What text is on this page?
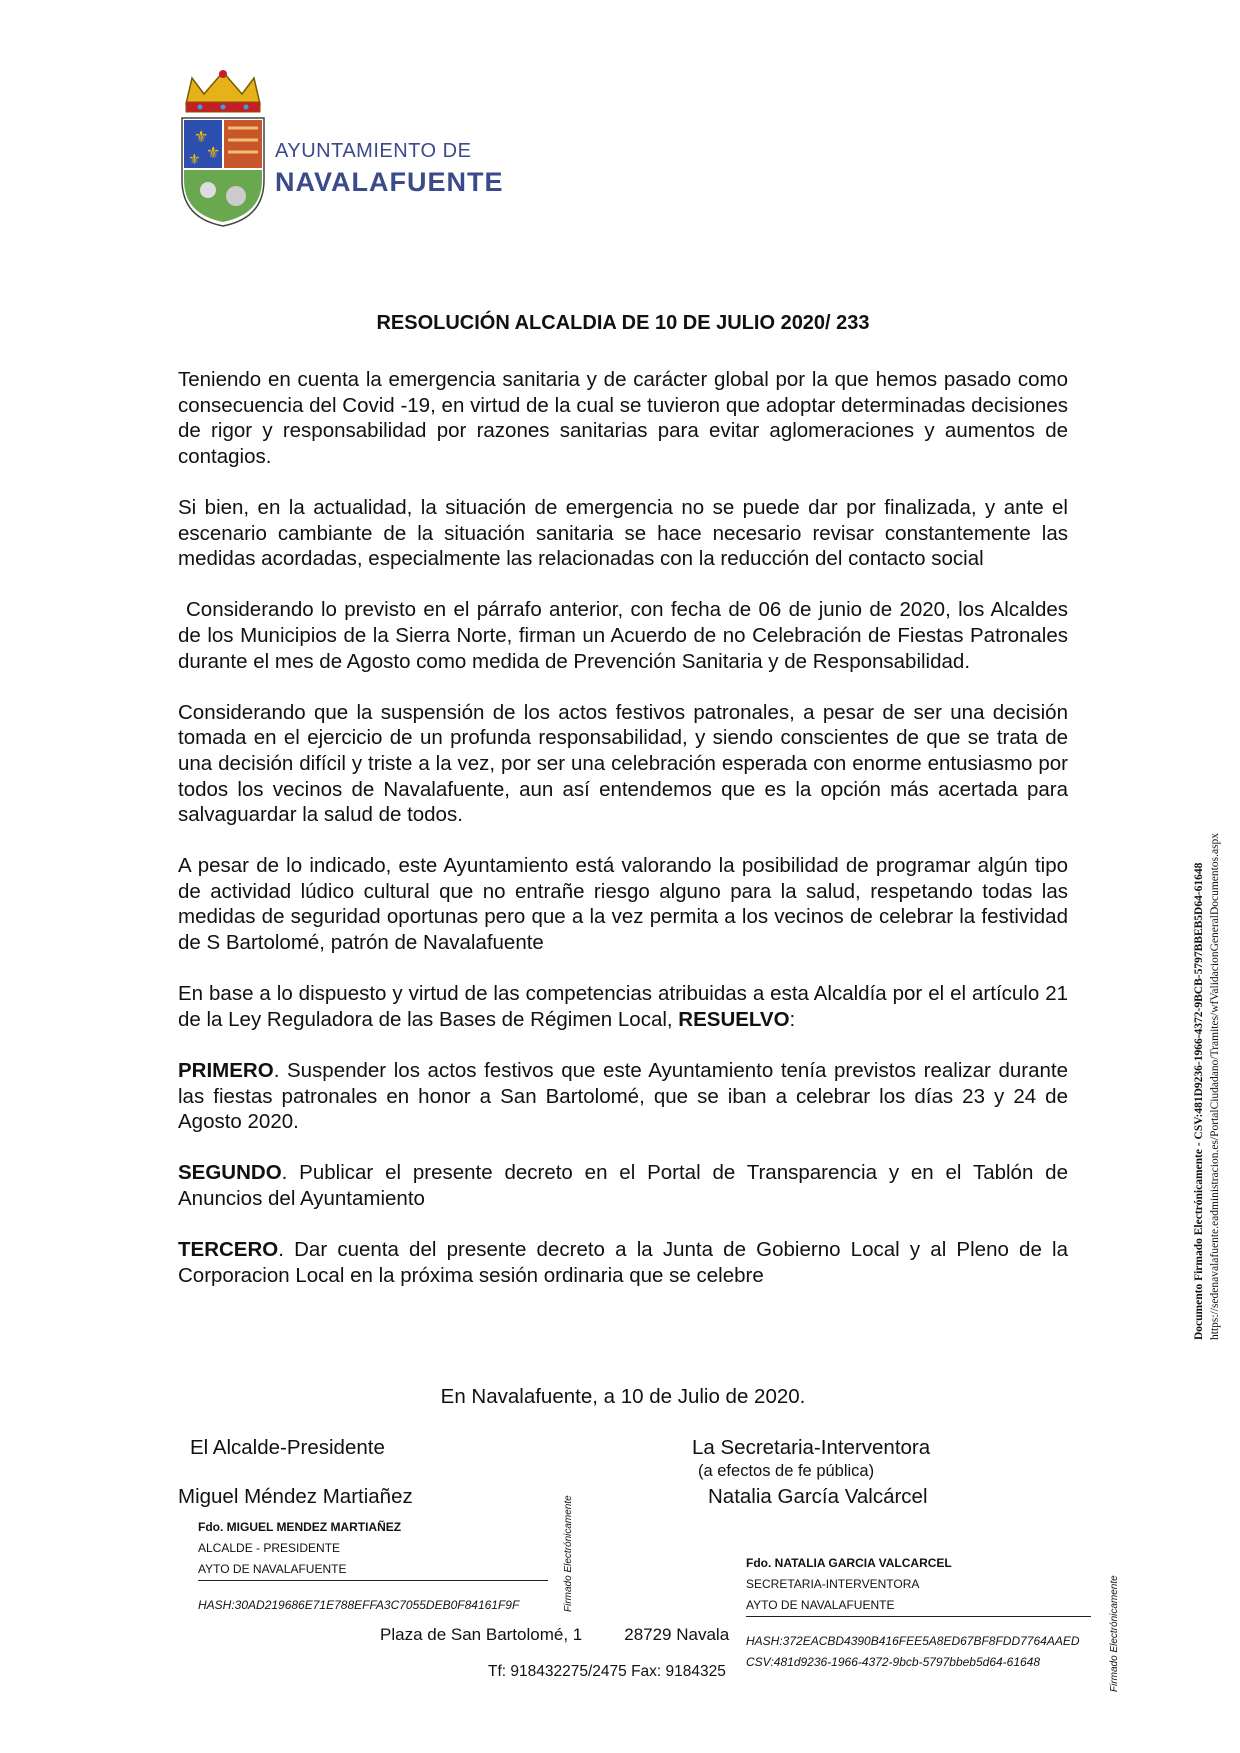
⚜
⚜
⚜	AYUNTAMIENTO DE
NAVALAFUENTE
RESOLUCIÓN ALCALDIA DE 10 DE JULIO 2020/ 233

Teniendo en cuenta la emergencia sanitaria y de carácter global por la que hemos pasado como consecuencia del Covid -19, en virtud de la cual se tuvieron que adoptar determinadas decisiones de rigor y responsabilidad por razones sanitarias para evitar aglomeraciones y aumentos de contagios.

Si bien, en la actualidad, la situación de emergencia no se puede dar por finalizada, y ante el escenario cambiante de la situación sanitaria se hace necesario revisar constantemente las medidas acordadas, especialmente las relacionadas con la reducción del contacto social

Considerando lo previsto en el párrafo anterior, con fecha de 06 de junio de 2020, los Alcaldes de los Municipios de la Sierra Norte, firman un Acuerdo de no Celebración de Fiestas Patronales durante el mes de Agosto como medida de Prevención Sanitaria y de Responsabilidad.

Considerando que la suspensión de los actos festivos patronales, a pesar de ser una decisión tomada en el ejercicio de un profunda responsabilidad, y siendo conscientes de que se trata de una decisión difícil y triste a la vez, por ser una celebración esperada con enorme entusiasmo por todos los vecinos de Navalafuente, aun así entendemos que es la opción más acertada para salvaguardar la salud de todos.

A pesar de lo indicado, este Ayuntamiento está valorando la posibilidad de programar algún tipo de actividad lúdico cultural que no entrañe riesgo alguno para la salud, respetando todas las medidas de seguridad oportunas pero que a la vez permita a los vecinos de celebrar la festividad de S Bartolomé, patrón de Navalafuente

En base a lo dispuesto y virtud de las competencias atribuidas a esta Alcaldía por el el artículo 21 de la Ley Reguladora de las Bases de Régimen Local, RESUELVO:

PRIMERO. Suspender los actos festivos que este Ayuntamiento tenía previstos realizar durante las fiestas patronales en honor a San Bartolomé, que se iban a celebrar los días 23 y 24 de Agosto 2020.

SEGUNDO. Publicar el presente decreto en el Portal de Transparencia y en el Tablón de Anuncios del Ayuntamiento

TERCERO. Dar cuenta del presente decreto a la Junta de Gobierno Local y al Pleno de la Corporacion Local en la próxima sesión ordinaria que se celebre

En Navalafuente, a 10 de Julio de 2020.
El Alcalde-Presidente
Miguel Méndez Martiañez
La Secretaria-Interventora
(a efectos de fe pública)
Natalia García Valcárcel
Plaza de San Bartolomé, 1 28729 Navala
Tf: 918432275/2475 Fax: 9184325
Fdo. MIGUEL MENDEZ MARTIAÑEZ
ALCALDE - PRESIDENTE
AYTO DE NAVALAFUENTE
HASH:30AD219686E71E788EFFA3C7055DEB0F84161F9F	Firmado Electrónicamente	Fdo. NATALIA GARCIA VALCARCEL
SECRETARIA-INTERVENTORA
AYTO DE NAVALAFUENTE
HASH:372EACBD4390B416FEE5A8ED67BF8FDD7764AAED
CSV:481d9236-1966-4372-9bcb-5797bbeb5d64-61648	Firmado Electrónicamente
Documento Firmado Electrónicamente - CSV:481D9236-1966-4372-9BCB-5797BBEB5D64-61648 https://sedenavalafuente.eadministracion.es/PortalCiudadano/Tramites/wfValidacionGeneralDocumentos.aspx
